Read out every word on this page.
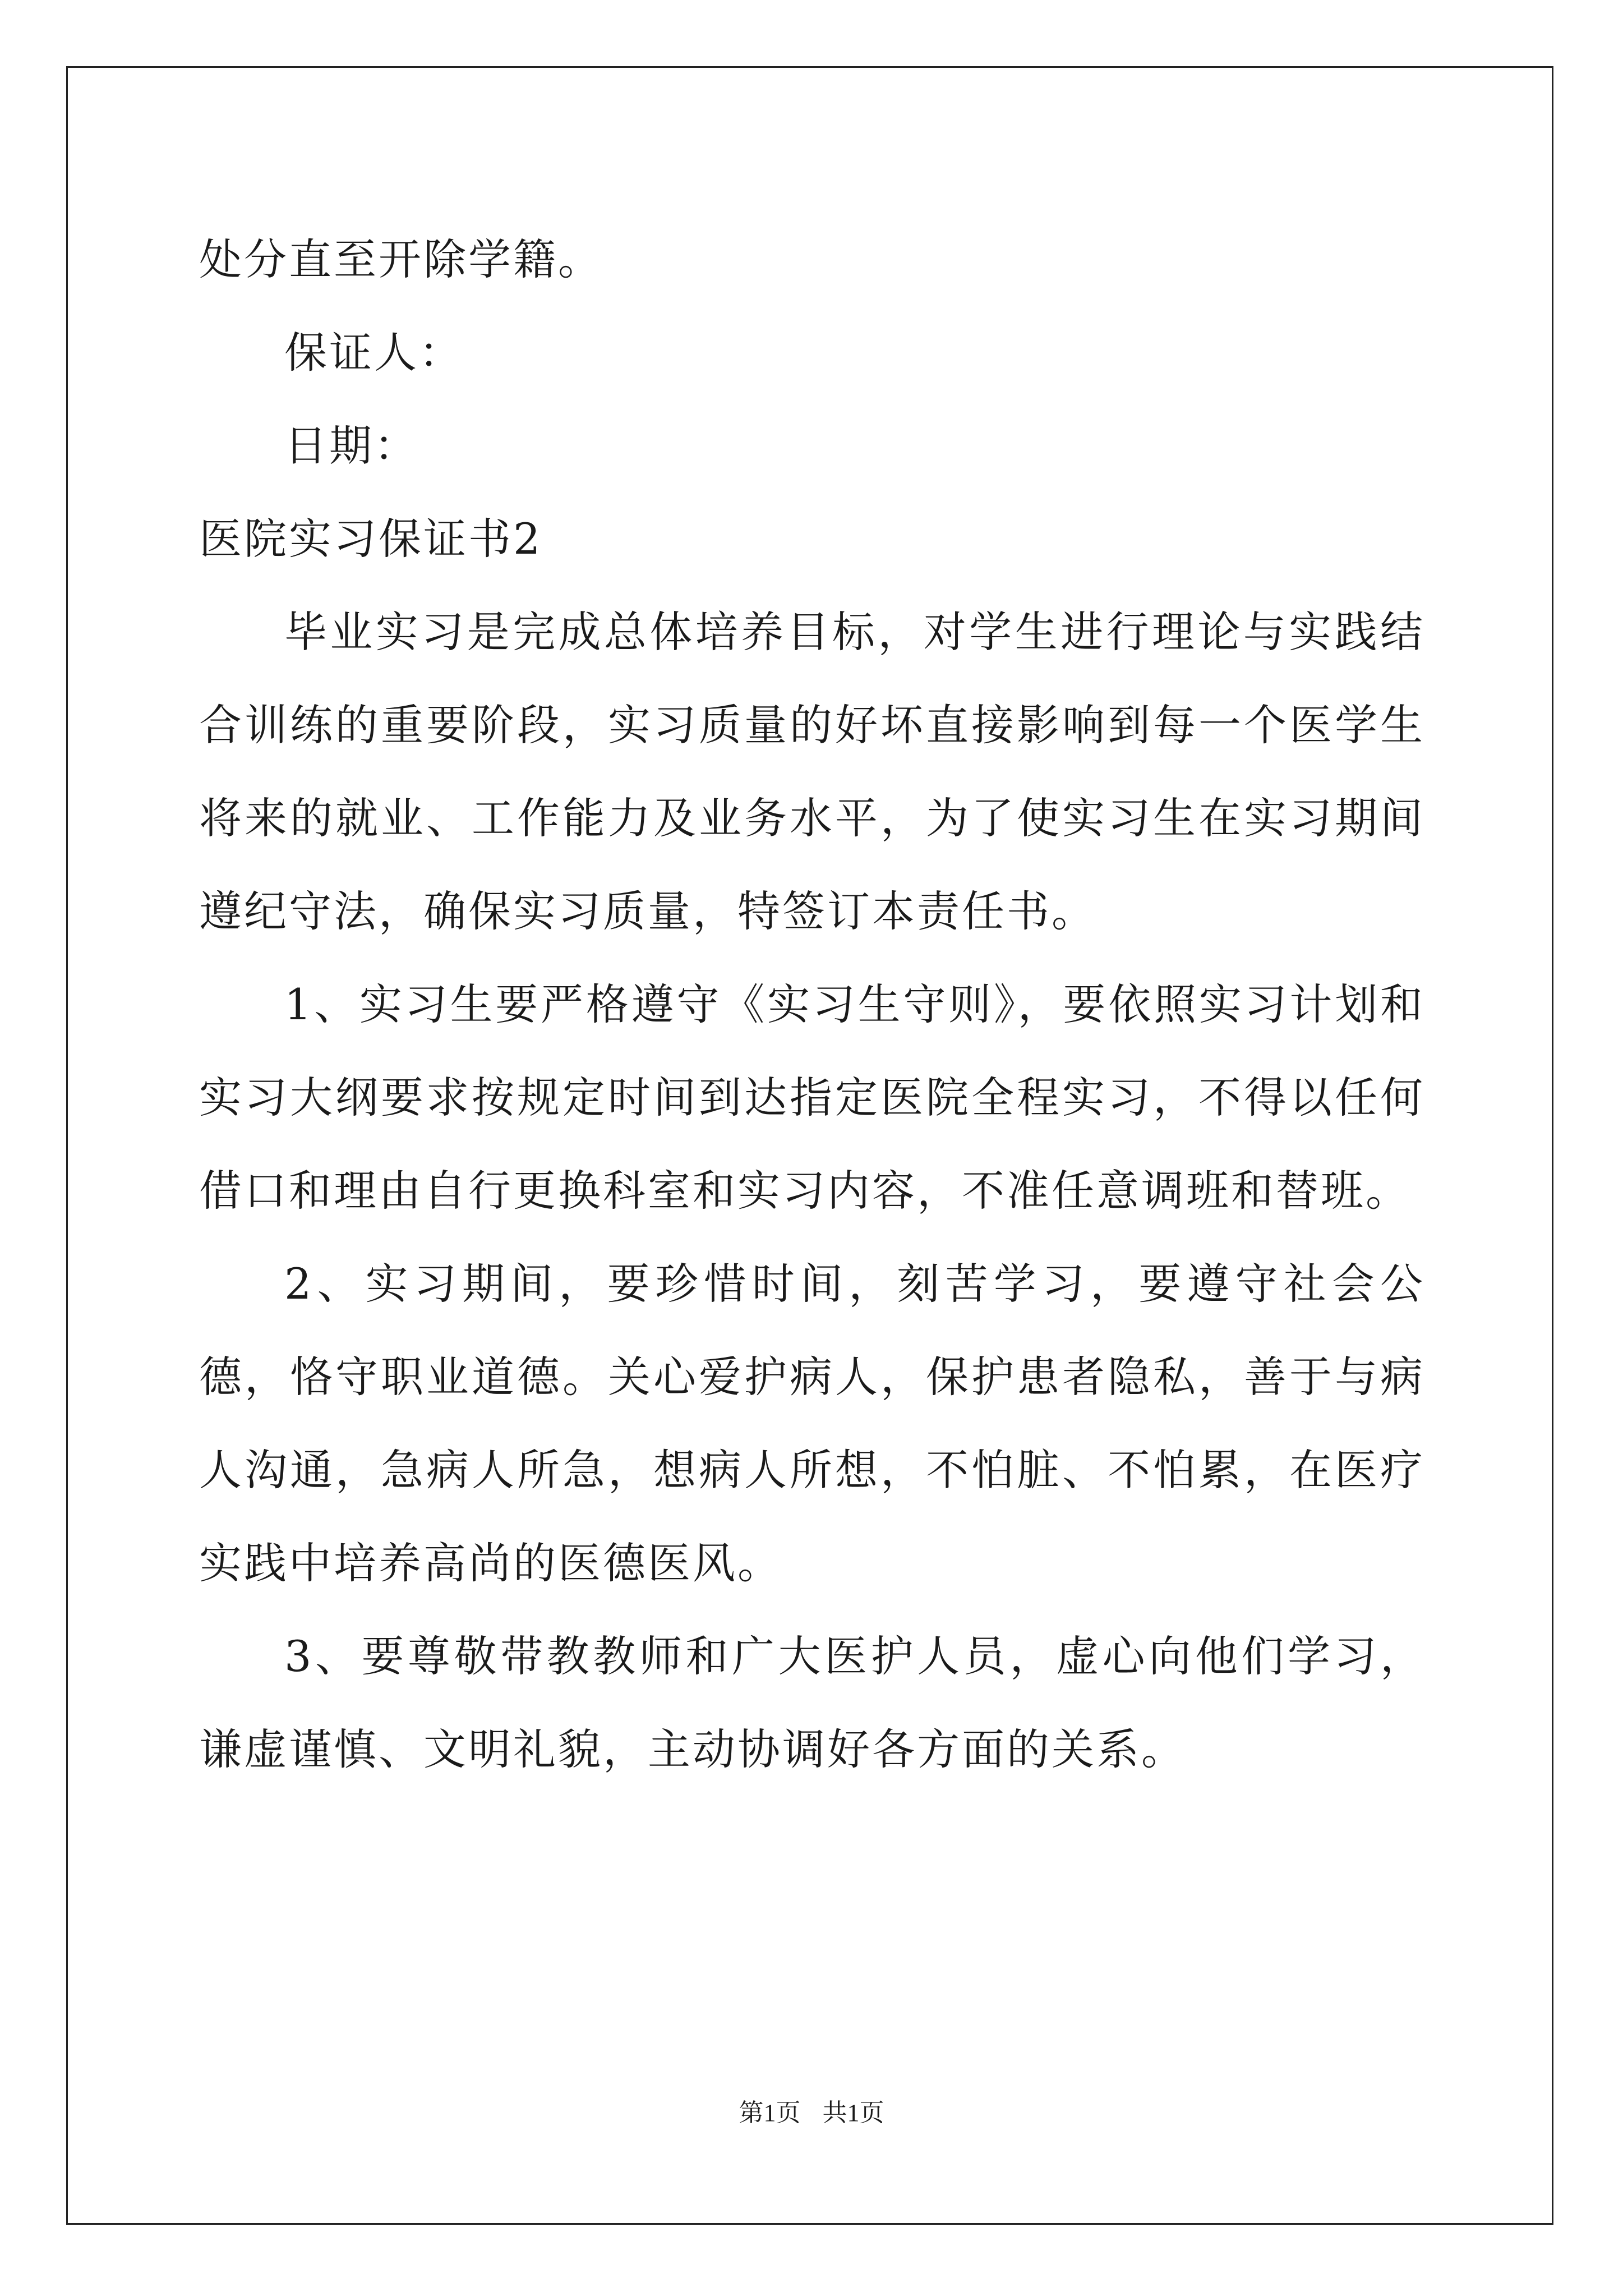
处分直至开除学籍。

保证人：

日期：

医院实习保证书2

毕业实习是完成总体培养目标，对学生进行理论与实践结合训练的重要阶段，实习质量的好坏直接影响到每一个医学生将来的就业、工作能力及业务水平，为了使实习生在实习期间遵纪守法，确保实习质量，特签订本责任书。

1、实习生要严格遵守《实习生守则》，要依照实习计划和实习大纲要求按规定时间到达指定医院全程实习，不得以任何借口和理由自行更换科室和实习内容，不准任意调班和替班。

2、实习期间，要珍惜时间，刻苦学习，要遵守社会公德，恪守职业道德。关心爱护病人，保护患者隐私，善于与病人沟通，急病人所急，想病人所想，不怕脏、不怕累，在医疗实践中培养高尚的医德医风。

3、要尊敬带教教师和广大医护人员，虚心向他们学习，谦虚谨慎、文明礼貌，主动协调好各方面的关系。

第1页 共1页
